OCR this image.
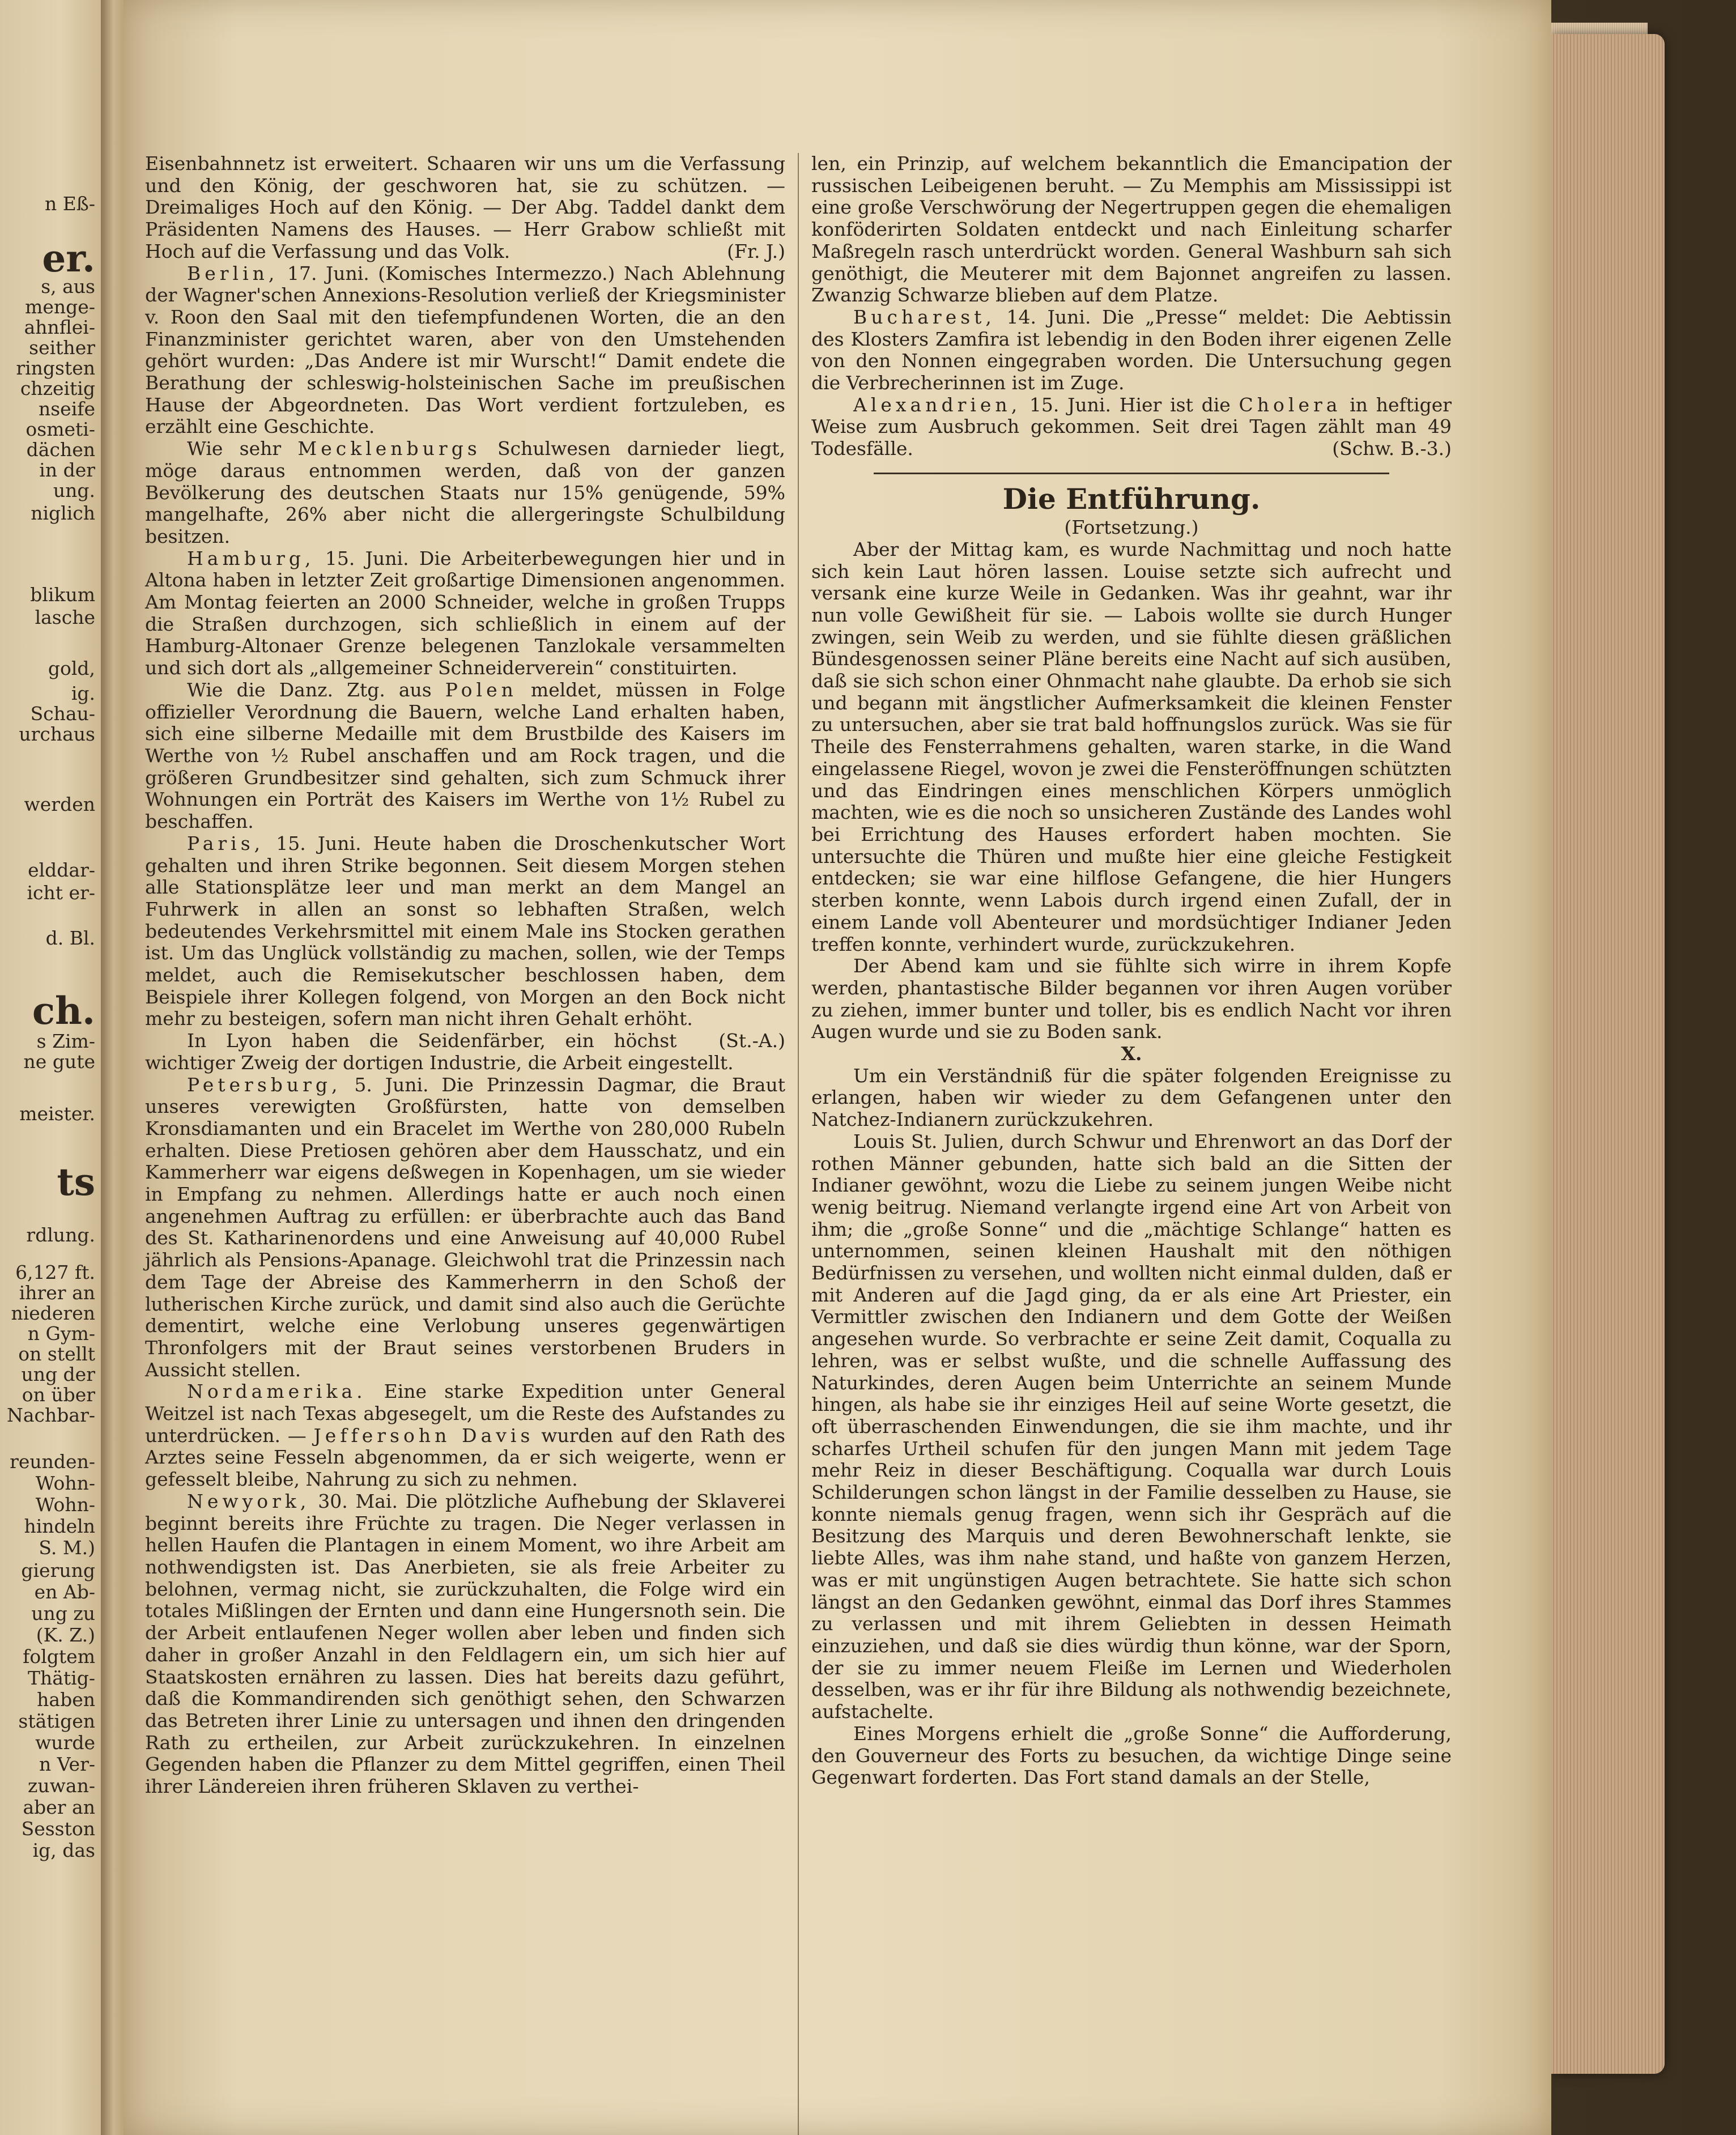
n Eß-
er.
s, aus
menge-
ahnflei-
seither
ringsten
chzeitig
nseife
osmeti-
dächen
in der
ung.
niglich
blikum
lasche
gold,
ig.
Schau-
urchaus
werden
elddar-
icht er-
d. Bl.
ch.
s Zim-
ne gute
meister.
ts
rdlung.
6,127 ft.
ihrer an
niederen
n Gym-
on stellt
ung der
on über
Nachbar-
reunden-
Wohn-
Wohn-
hindeln
S. M.)
gierung
en Ab-
ung zu
(K. Z.)
folgtem
Thätig-
haben
stätigen
wurde
n Ver-
zuwan-
aber an
Sesston
ig, das

Eisenbahnnetz ist erweitert. Schaaren wir uns um die Verfassung und den König, der geschworen hat, sie zu schützen. — Dreimaliges Hoch auf den König. — Der Abg. Taddel dankt dem Präsidenten Namens des Hauses. — Herr Grabow schließt mit Hoch auf die Verfassung und das Volk.	(Fr. J.)

Berlin, 17. Juni. (Komisches Intermezzo.) Nach Ablehnung der Wagner'schen Annexions-Resolution verließ der Kriegsminister v. Roon den Saal mit den tiefempfundenen Worten, die an den Finanzminister gerichtet waren, aber von den Umstehenden gehört wurden: „Das Andere ist mir Wurscht!“ Damit endete die Berathung der schleswig-holsteinischen Sache im preußischen Hause der Abgeordneten. Das Wort verdient fortzuleben, es erzählt eine Geschichte.

Wie sehr Mecklenburgs Schulwesen darnieder liegt, möge daraus entnommen werden, daß von der ganzen Bevölkerung des deutschen Staats nur 15% genügende, 59% mangelhafte, 26% aber nicht die allergeringste Schulbildung besitzen.

Hamburg, 15. Juni. Die Arbeiterbewegungen hier und in Altona haben in letzter Zeit großartige Dimensionen angenommen. Am Montag feierten an 2000 Schneider, welche in großen Trupps die Straßen durchzogen, sich schließlich in einem auf der Hamburg-Altonaer Grenze belegenen Tanzlokale versammelten und sich dort als „allgemeiner Schneiderverein“ constituirten.

Wie die Danz. Ztg. aus Polen meldet, müssen in Folge offizieller Verordnung die Bauern, welche Land erhalten haben, sich eine silberne Medaille mit dem Brustbilde des Kaisers im Werthe von ½ Rubel anschaffen und am Rock tragen, und die größeren Grundbesitzer sind gehalten, sich zum Schmuck ihrer Wohnungen ein Porträt des Kaisers im Werthe von 1½ Rubel zu beschaffen.

Paris, 15. Juni. Heute haben die Droschenkutscher Wort gehalten und ihren Strike begonnen. Seit diesem Morgen stehen alle Stationsplätze leer und man merkt an dem Mangel an Fuhrwerk in allen an sonst so lebhaften Straßen, welch bedeutendes Verkehrsmittel mit einem Male ins Stocken gerathen ist. Um das Unglück vollständig zu machen, sollen, wie der Temps meldet, auch die Remisekutscher beschlossen haben, dem Beispiele ihrer Kollegen folgend, von Morgen an den Bock nicht mehr zu besteigen, sofern man nicht ihren Gehalt erhöht.
(St.-A.)

In Lyon haben die Seidenfärber, ein höchst wichtiger Zweig der dortigen Industrie, die Arbeit eingestellt.

Petersburg, 5. Juni. Die Prinzessin Dagmar, die Braut unseres verewigten Großfürsten, hatte von demselben Kronsdiamanten und ein Bracelet im Werthe von 280,000 Rubeln erhalten. Diese Pretiosen gehören aber dem Hausschatz, und ein Kammerherr war eigens deßwegen in Kopenhagen, um sie wieder in Empfang zu nehmen. Allerdings hatte er auch noch einen angenehmen Auftrag zu erfüllen: er überbrachte auch das Band des St. Katharinenordens und eine Anweisung auf 40,000 Rubel jährlich als Pensions-Apanage. Gleichwohl trat die Prinzessin nach dem Tage der Abreise des Kammerherrn in den Schoß der lutherischen Kirche zurück, und damit sind also auch die Gerüchte dementirt, welche eine Verlobung unseres gegenwärtigen Thronfolgers mit der Braut seines verstorbenen Bruders in Aussicht stellen.

Nordamerika. Eine starke Expedition unter General Weitzel ist nach Texas abgesegelt, um die Reste des Aufstandes zu unterdrücken. — Jeffersohn Davis wurden auf den Rath des Arztes seine Fesseln abgenommen, da er sich weigerte, wenn er gefesselt bleibe, Nahrung zu sich zu nehmen.

Newyork, 30. Mai. Die plötzliche Aufhebung der Sklaverei beginnt bereits ihre Früchte zu tragen. Die Neger verlassen in hellen Haufen die Plantagen in einem Moment, wo ihre Arbeit am nothwendigsten ist. Das Anerbieten, sie als freie Arbeiter zu belohnen, vermag nicht, sie zurückzuhalten, die Folge wird ein totales Mißlingen der Ernten und dann eine Hungersnoth sein. Die der Arbeit entlaufenen Neger wollen aber leben und finden sich daher in großer Anzahl in den Feldlagern ein, um sich hier auf Staatskosten ernähren zu lassen. Dies hat bereits dazu geführt, daß die Kommandirenden sich genöthigt sehen, den Schwarzen das Betreten ihrer Linie zu untersagen und ihnen den dringenden Rath zu ertheilen, zur Arbeit zurückzukehren. In einzelnen Gegenden haben die Pflanzer zu dem Mittel gegriffen, einen Theil ihrer Ländereien ihren früheren Sklaven zu verthei-

len, ein Prinzip, auf welchem bekanntlich die Emancipation der russischen Leibeigenen beruht. — Zu Memphis am Mississippi ist eine große Verschwörung der Negertruppen gegen die ehemaligen konföderirten Soldaten entdeckt und nach Einleitung scharfer Maßregeln rasch unterdrückt worden. General Washburn sah sich genöthigt, die Meuterer mit dem Bajonnet angreifen zu lassen. Zwanzig Schwarze blieben auf dem Platze.

Bucharest, 14. Juni. Die „Presse“ meldet: Die Aebtissin des Klosters Zamfira ist lebendig in den Boden ihrer eigenen Zelle von den Nonnen eingegraben worden. Die Untersuchung gegen die Verbrecherinnen ist im Zuge.

Alexandrien, 15. Juni. Hier ist die Cholera in heftiger Weise zum Ausbruch gekommen. Seit drei Tagen zählt man 49 Todesfälle.	(Schw. B.-3.)

Die Entführung.
(Fortsetzung.)

Aber der Mittag kam, es wurde Nachmittag und noch hatte sich kein Laut hören lassen. Louise setzte sich aufrecht und versank eine kurze Weile in Gedanken. Was ihr geahnt, war ihr nun volle Gewißheit für sie. — Labois wollte sie durch Hunger zwingen, sein Weib zu werden, und sie fühlte diesen gräßlichen Bündesgenossen seiner Pläne bereits eine Nacht auf sich ausüben, daß sie sich schon einer Ohnmacht nahe glaubte. Da erhob sie sich und begann mit ängstlicher Aufmerksamkeit die kleinen Fenster zu untersuchen, aber sie trat bald hoffnungslos zurück. Was sie für Theile des Fensterrahmens gehalten, waren starke, in die Wand eingelassene Riegel, wovon je zwei die Fensteröffnungen schützten und das Eindringen eines menschlichen Körpers unmöglich machten, wie es die noch so unsicheren Zustände des Landes wohl bei Errichtung des Hauses erfordert haben mochten. Sie untersuchte die Thüren und mußte hier eine gleiche Festigkeit entdecken; sie war eine hilflose Gefangene, die hier Hungers sterben konnte, wenn Labois durch irgend einen Zufall, der in einem Lande voll Abenteurer und mordsüchtiger Indianer Jeden treffen konnte, verhindert wurde, zurückzukehren.

Der Abend kam und sie fühlte sich wirre in ihrem Kopfe werden, phantastische Bilder begannen vor ihren Augen vorüber zu ziehen, immer bunter und toller, bis es endlich Nacht vor ihren Augen wurde und sie zu Boden sank.

X.

Um ein Verständniß für die später folgenden Ereignisse zu erlangen, haben wir wieder zu dem Gefangenen unter den Natchez-Indianern zurückzukehren.

Louis St. Julien, durch Schwur und Ehrenwort an das Dorf der rothen Männer gebunden, hatte sich bald an die Sitten der Indianer gewöhnt, wozu die Liebe zu seinem jungen Weibe nicht wenig beitrug. Niemand verlangte irgend eine Art von Arbeit von ihm; die „große Sonne“ und die „mächtige Schlange“ hatten es unternommen, seinen kleinen Haushalt mit den nöthigen Bedürfnissen zu versehen, und wollten nicht einmal dulden, daß er mit Anderen auf die Jagd ging, da er als eine Art Priester, ein Vermittler zwischen den Indianern und dem Gotte der Weißen angesehen wurde. So verbrachte er seine Zeit damit, Coqualla zu lehren, was er selbst wußte, und die schnelle Auffassung des Naturkindes, deren Augen beim Unterrichte an seinem Munde hingen, als habe sie ihr einziges Heil auf seine Worte gesetzt, die oft überraschenden Einwendungen, die sie ihm machte, und ihr scharfes Urtheil schufen für den jungen Mann mit jedem Tage mehr Reiz in dieser Beschäftigung. Coqualla war durch Louis Schilderungen schon längst in der Familie desselben zu Hause, sie konnte niemals genug fragen, wenn sich ihr Gespräch auf die Besitzung des Marquis und deren Bewohnerschaft lenkte, sie liebte Alles, was ihm nahe stand, und haßte von ganzem Herzen, was er mit ungünstigen Augen betrachtete. Sie hatte sich schon längst an den Gedanken gewöhnt, einmal das Dorf ihres Stammes zu verlassen und mit ihrem Geliebten in dessen Heimath einzuziehen, und daß sie dies würdig thun könne, war der Sporn, der sie zu immer neuem Fleiße im Lernen und Wiederholen desselben, was er ihr für ihre Bildung als nothwendig bezeichnete, aufstachelte.

Eines Morgens erhielt die „große Sonne“ die Aufforderung, den Gouverneur des Forts zu besuchen, da wichtige Dinge seine Gegenwart forderten. Das Fort stand damals an der Stelle,
